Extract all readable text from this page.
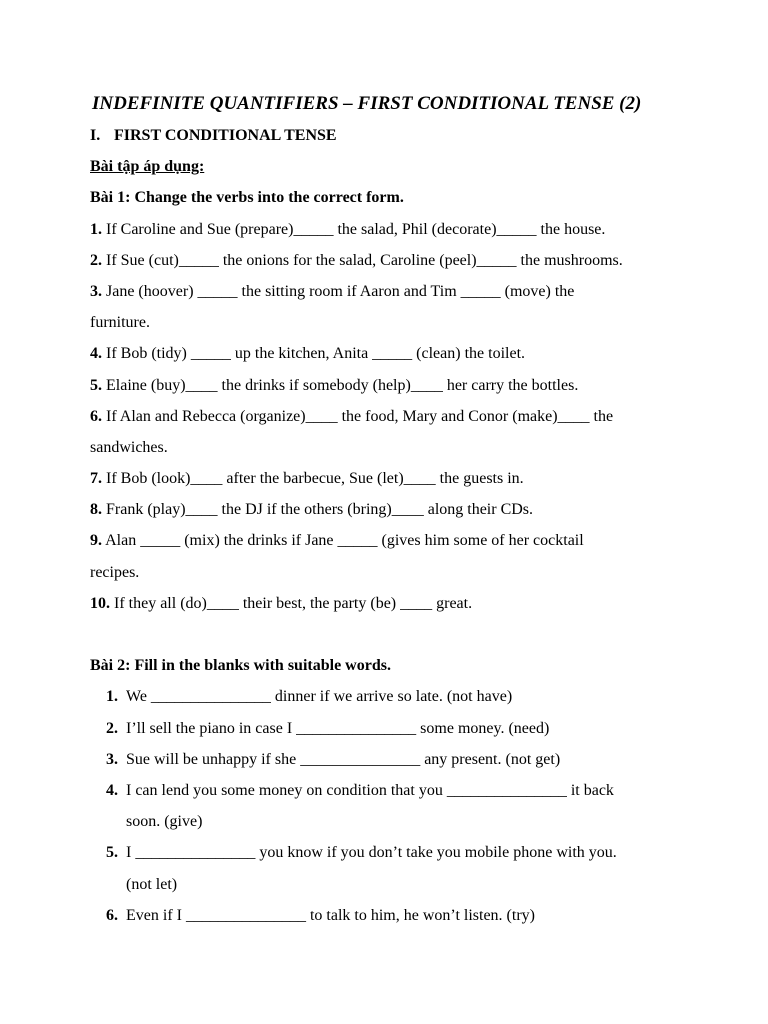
INDEFINITE QUANTIFIERS – FIRST CONDITIONAL TENSE (2)
I. FIRST CONDITIONAL TENSE
Bài tập áp dụng:
Bài 1: Change the verbs into the correct form.
1. If Caroline and Sue (prepare)_____ the salad, Phil (decorate)_____ the house.
2. If Sue (cut)_____ the onions for the salad, Caroline (peel)_____ the mushrooms.
3. Jane (hoover) _____ the sitting room if Aaron and Tim _____ (move) the
furniture.
4. If Bob (tidy) _____ up the kitchen, Anita _____ (clean) the toilet.
5. Elaine (buy)____ the drinks if somebody (help)____ her carry the bottles.
6. If Alan and Rebecca (organize)____ the food, Mary and Conor (make)____ the
sandwiches.
7. If Bob (look)____ after the barbecue, Sue (let)____ the guests in.
8. Frank (play)____ the DJ if the others (bring)____ along their CDs.
9. Alan _____ (mix) the drinks if Jane _____ (gives him some of her cocktail
recipes.
10. If they all (do)____ their best, the party (be) ____ great.
Bài 2: Fill in the blanks with suitable words.
1. We _______________ dinner if we arrive so late. (not have)
2. I’ll sell the piano in case I _______________ some money. (need)
3. Sue will be unhappy if she _______________ any present. (not get)
4. I can lend you some money on condition that you _______________ it back
soon. (give)
5. I _______________ you know if you don’t take you mobile phone with you.
(not let)
6. Even if I _______________ to talk to him, he won’t listen. (try)
